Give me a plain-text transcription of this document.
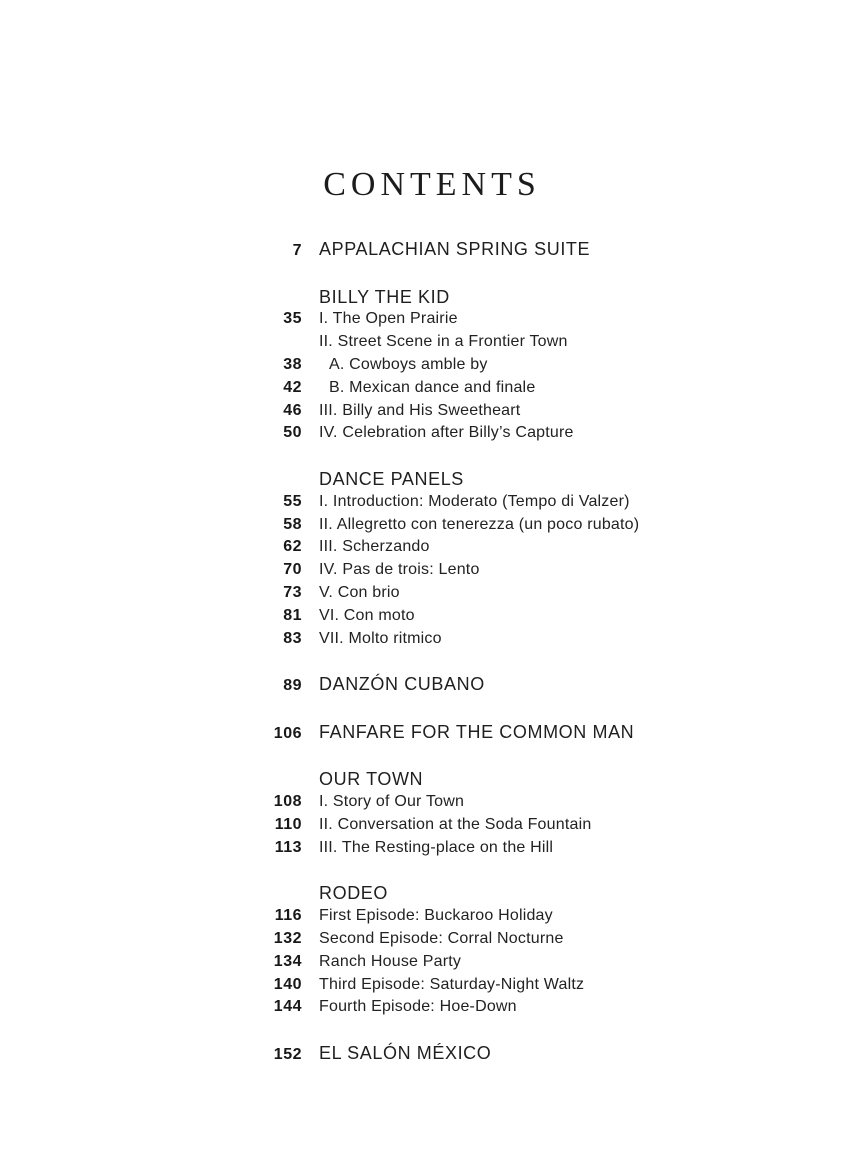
CONTENTS
7 APPALACHIAN SPRING SUITE
BILLY THE KID
35 I. The Open Prairie
II. Street Scene in a Frontier Town
38 A. Cowboys amble by
42 B. Mexican dance and finale
46 III. Billy and His Sweetheart
50 IV. Celebration after Billy’s Capture
DANCE PANELS
55 I. Introduction: Moderato (Tempo di Valzer)
58 II. Allegretto con tenerezza (un poco rubato)
62 III. Scherzando
70 IV. Pas de trois: Lento
73 V. Con brio
81 VI. Con moto
83 VII. Molto ritmico
89 DANZÓN CUBANO
106 FANFARE FOR THE COMMON MAN
OUR TOWN
108 I. Story of Our Town
110 II. Conversation at the Soda Fountain
113 III. The Resting-place on the Hill
RODEO
116 First Episode: Buckaroo Holiday
132 Second Episode: Corral Nocturne
134 Ranch House Party
140 Third Episode: Saturday-Night Waltz
144 Fourth Episode: Hoe-Down
152 EL SALÓN MÉXICO
